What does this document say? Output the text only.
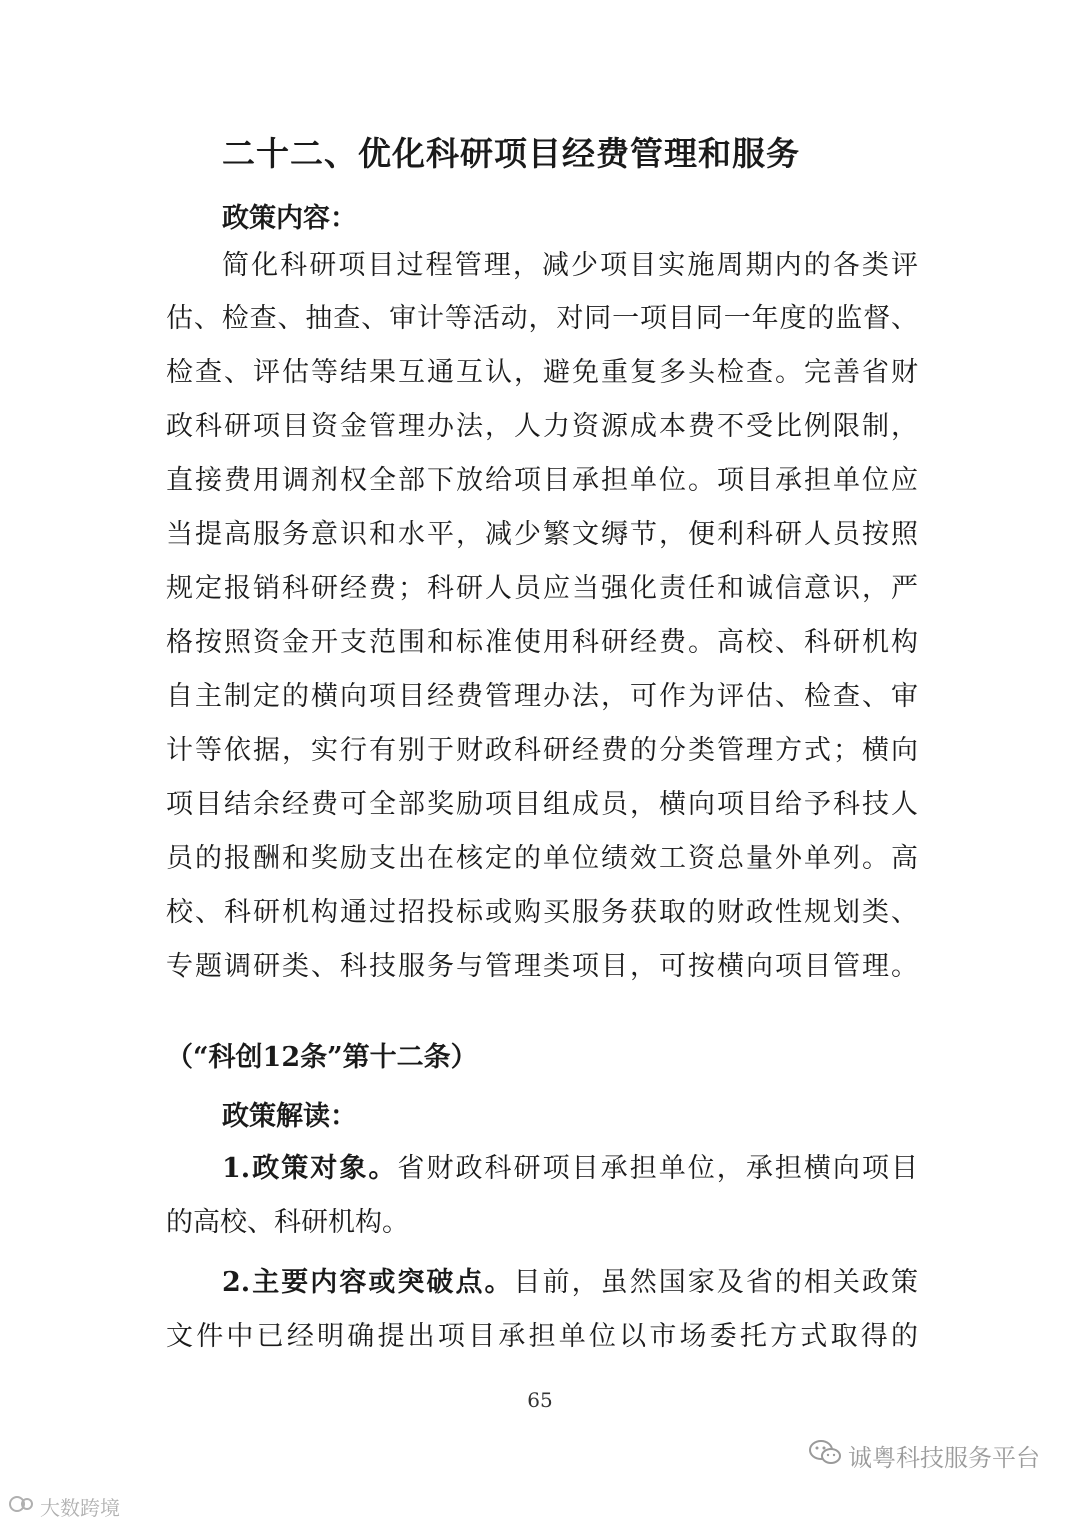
二十二、优化科研项目经费管理和服务
政策内容：
简化科研项目过程管理，减少项目实施周期内的各类评
估、检查、抽查、审计等活动，对同一项目同一年度的监督、
检查、评估等结果互通互认，避免重复多头检查。完善省财
政科研项目资金管理办法，人力资源成本费不受比例限制，
直接费用调剂权全部下放给项目承担单位。项目承担单位应
当提高服务意识和水平，减少繁文缛节，便利科研人员按照
规定报销科研经费；科研人员应当强化责任和诚信意识，严
格按照资金开支范围和标准使用科研经费。高校、科研机构
自主制定的横向项目经费管理办法，可作为评估、检查、审
计等依据，实行有别于财政科研经费的分类管理方式；横向
项目结余经费可全部奖励项目组成员，横向项目给予科技人
员的报酬和奖励支出在核定的单位绩效工资总量外单列。高
校、科研机构通过招投标或购买服务获取的财政性规划类、
专题调研类、科技服务与管理类项目，可按横向项目管理。
（“科创12条”第十二条）
政策解读：
1.政策对象。省财政科研项目承担单位，承担横向项目
的高校、科研机构。
2.主要内容或突破点。目前，虽然国家及省的相关政策
文件中已经明确提出项目承担单位以市场委托方式取得的
65
大数跨境
诚粤科技服务平台
